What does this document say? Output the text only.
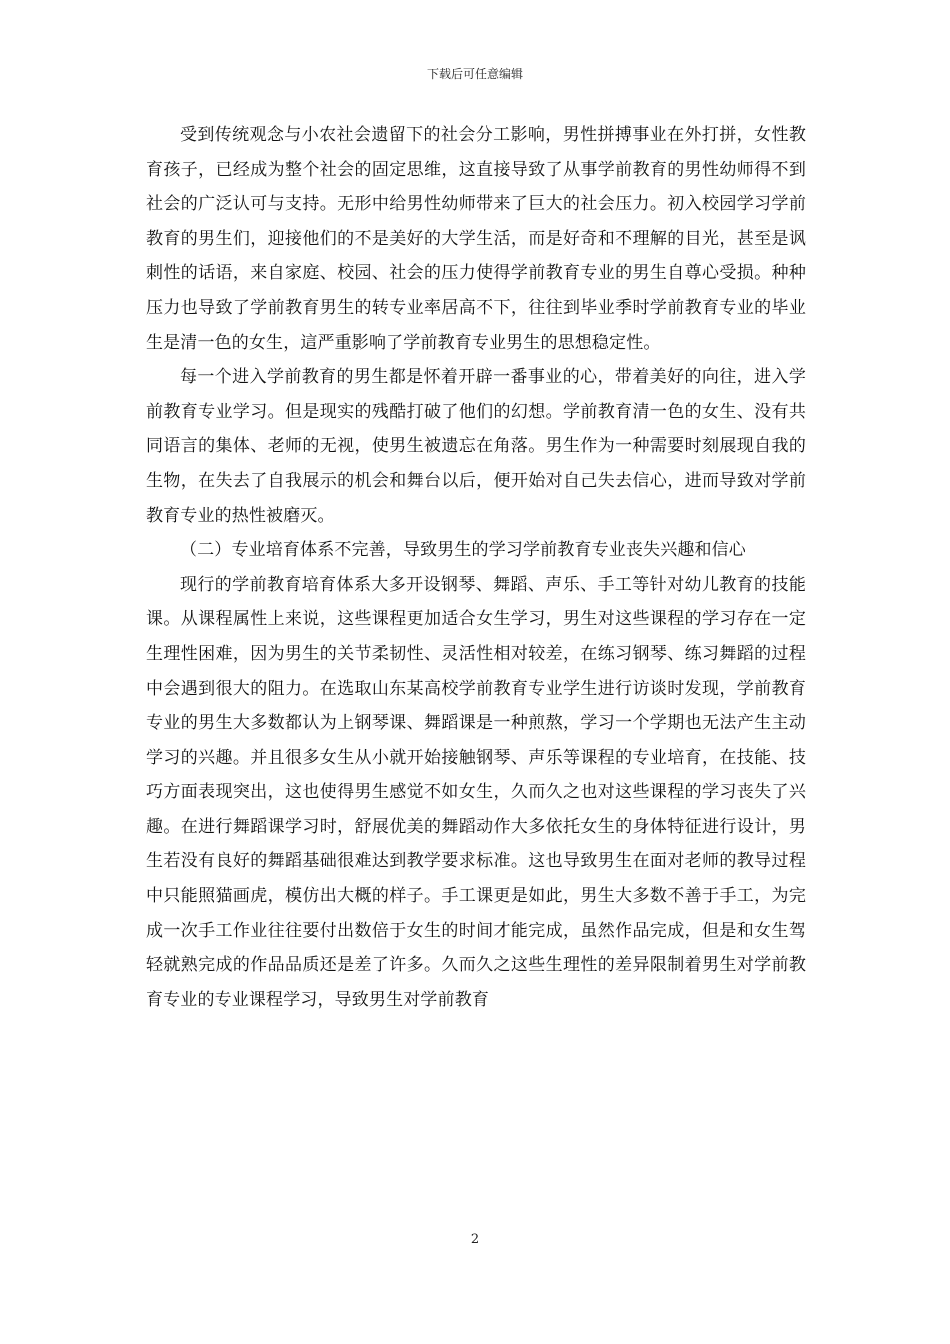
下载后可任意编辑

受到传统观念与小农社会遗留下的社会分工影响，男性拼搏事业在外打拼，女性教育孩子，已经成为整个社会的固定思维，这直接导致了从事学前教育的男性幼师得不到社会的广泛认可与支持。无形中给男性幼师带来了巨大的社会压力。初入校园学习学前教育的男生们，迎接他们的不是美好的大学生活，而是好奇和不理解的目光，甚至是讽刺性的话语，来自家庭、校园、社会的压力使得学前教育专业的男生自尊心受损。种种压力也导致了学前教育男生的转专业率居高不下，往往到毕业季时学前教育专业的毕业生是清一色的女生，這严重影响了学前教育专业男生的思想稳定性。

每一个进入学前教育的男生都是怀着开辟一番事业的心，带着美好的向往，进入学前教育专业学习。但是现实的残酷打破了他们的幻想。学前教育清一色的女生、没有共同语言的集体、老师的无视，使男生被遗忘在角落。男生作为一种需要时刻展现自我的生物，在失去了自我展示的机会和舞台以后，便开始对自己失去信心，进而导致对学前教育专业的热性被磨灭。

（二）专业培育体系不完善，导致男生的学习学前教育专业丧失兴趣和信心

现行的学前教育培育体系大多开设钢琴、舞蹈、声乐、手工等针对幼儿教育的技能课。从课程属性上来说，这些课程更加适合女生学习，男生对这些课程的学习存在一定生理性困难，因为男生的关节柔韧性、灵活性相对较差，在练习钢琴、练习舞蹈的过程中会遇到很大的阻力。在选取山东某高校学前教育专业学生进行访谈时发现，学前教育专业的男生大多数都认为上钢琴课、舞蹈课是一种煎熬，学习一个学期也无法产生主动学习的兴趣。并且很多女生从小就开始接触钢琴、声乐等课程的专业培育，在技能、技巧方面表现突出，这也使得男生感觉不如女生，久而久之也对这些课程的学习丧失了兴趣。在进行舞蹈课学习时，舒展优美的舞蹈动作大多依托女生的身体特征进行设计，男生若没有良好的舞蹈基础很难达到教学要求标准。这也导致男生在面对老师的教导过程中只能照猫画虎，模仿出大概的样子。手工课更是如此，男生大多数不善于手工，为完成一次手工作业往往要付出数倍于女生的时间才能完成，虽然作品完成，但是和女生驾轻就熟完成的作品品质还是差了许多。久而久之这些生理性的差异限制着男生对学前教育专业的专业课程学习，导致男生对学前教育

2
